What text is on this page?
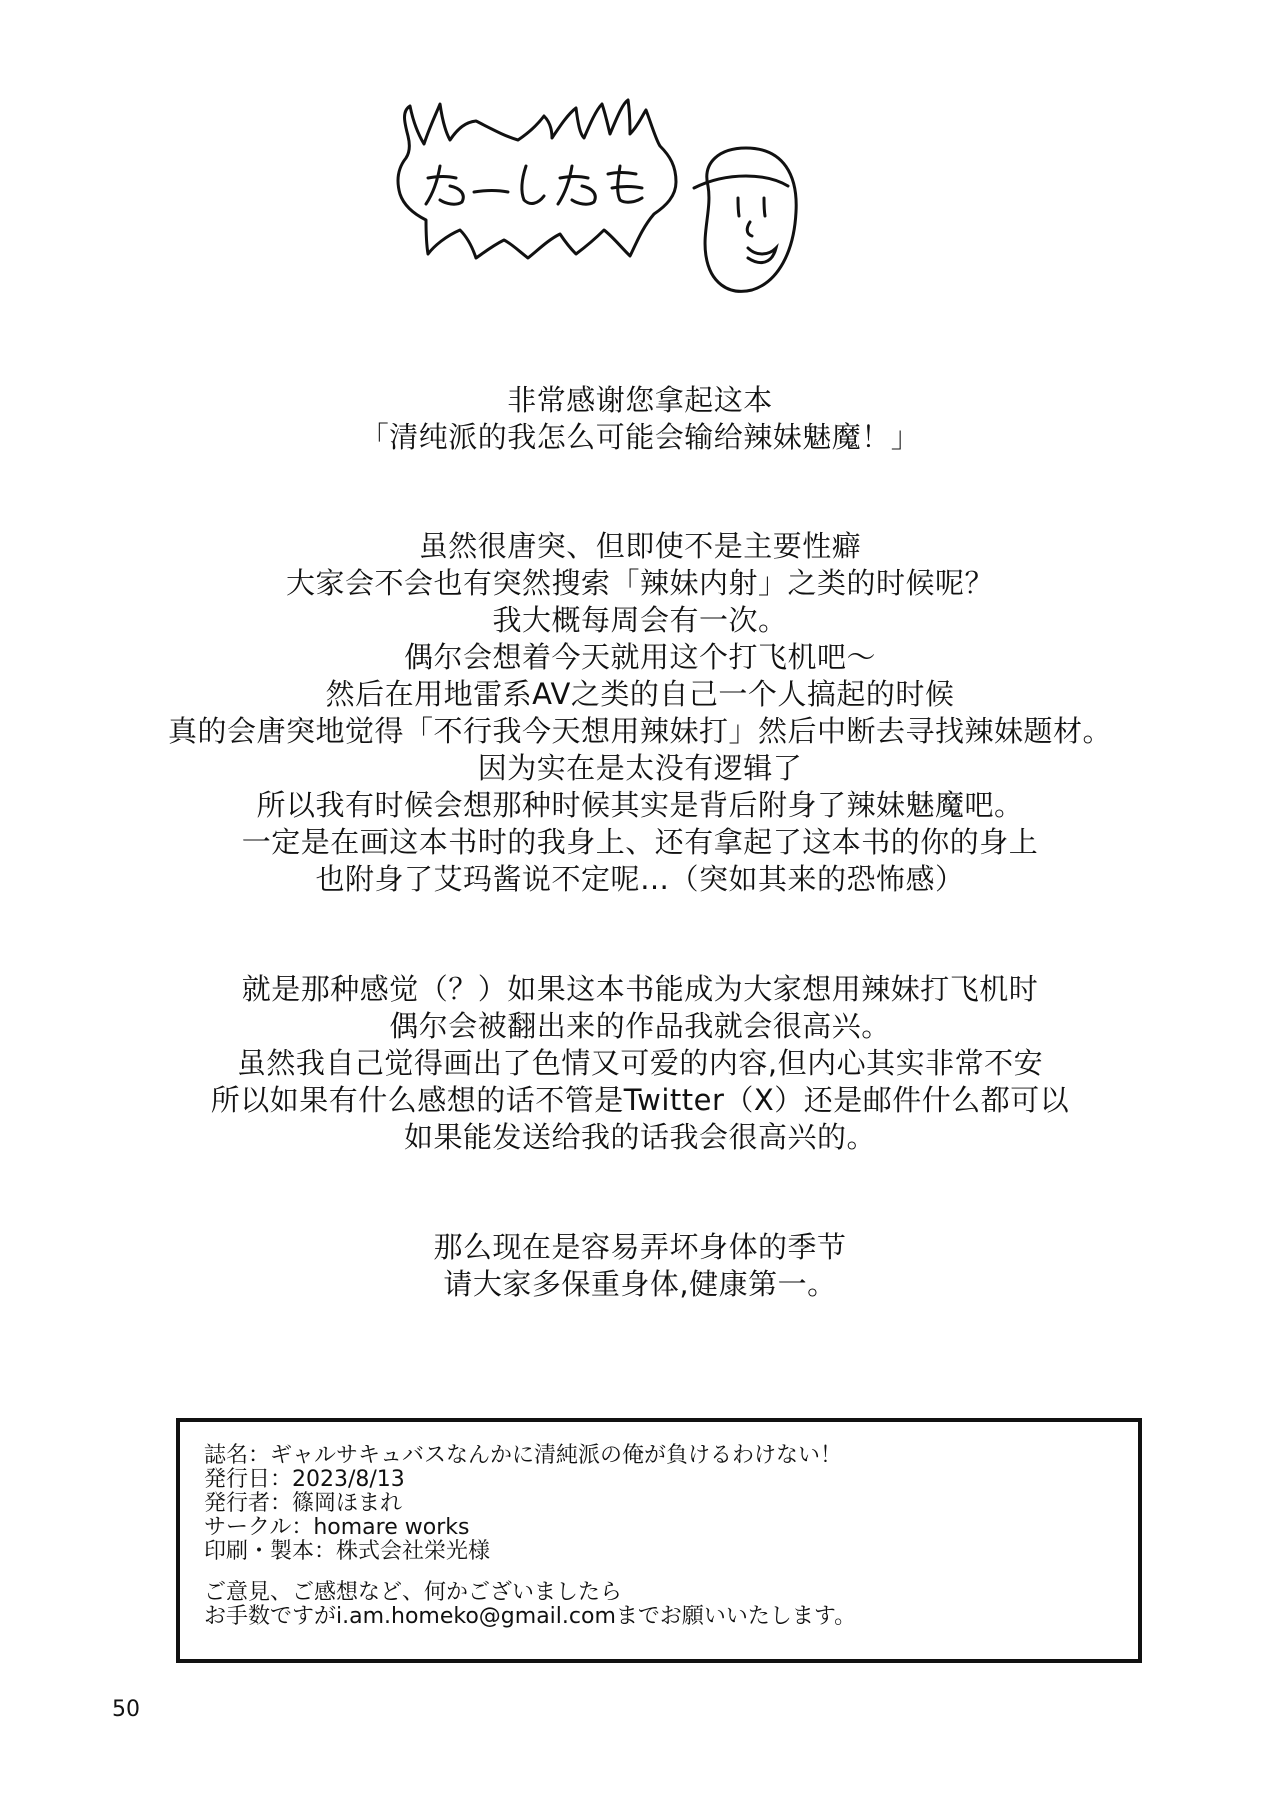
非常感谢您拿起这本
「清纯派的我怎么可能会输给辣妹魅魔！」
虽然很唐突、但即使不是主要性癖
大家会不会也有突然搜索「辣妹内射」之类的时候呢？
我大概每周会有一次。
偶尔会想着今天就用这个打飞机吧～
然后在用地雷系AV之类的自己一个人搞起的时候
真的会唐突地觉得「不行我今天想用辣妹打」然后中断去寻找辣妹题材。
因为实在是太没有逻辑了
所以我有时候会想那种时候其实是背后附身了辣妹魅魔吧。
一定是在画这本书时的我身上、还有拿起了这本书的你的身上
也附身了艾玛酱说不定呢…（突如其来的恐怖感）
就是那种感觉（？）如果这本书能成为大家想用辣妹打飞机时
偶尔会被翻出来的作品我就会很高兴。
虽然我自己觉得画出了色情又可爱的内容,但内心其实非常不安
所以如果有什么感想的话不管是Twitter（X）还是邮件什么都可以
如果能发送给我的话我会很高兴的。
那么现在是容易弄坏身体的季节
请大家多保重身体,健康第一。
誌名：ギャルサキュバスなんかに清純派の俺が負けるわけない！
発行日：2023/8/13
発行者：篠岡ほまれ
サークル：homare works
印刷・製本：株式会社栄光様
ご意見、ご感想など、何かございましたら
お手数ですがi.am.homeko@gmail.comまでお願いいたします。
50
